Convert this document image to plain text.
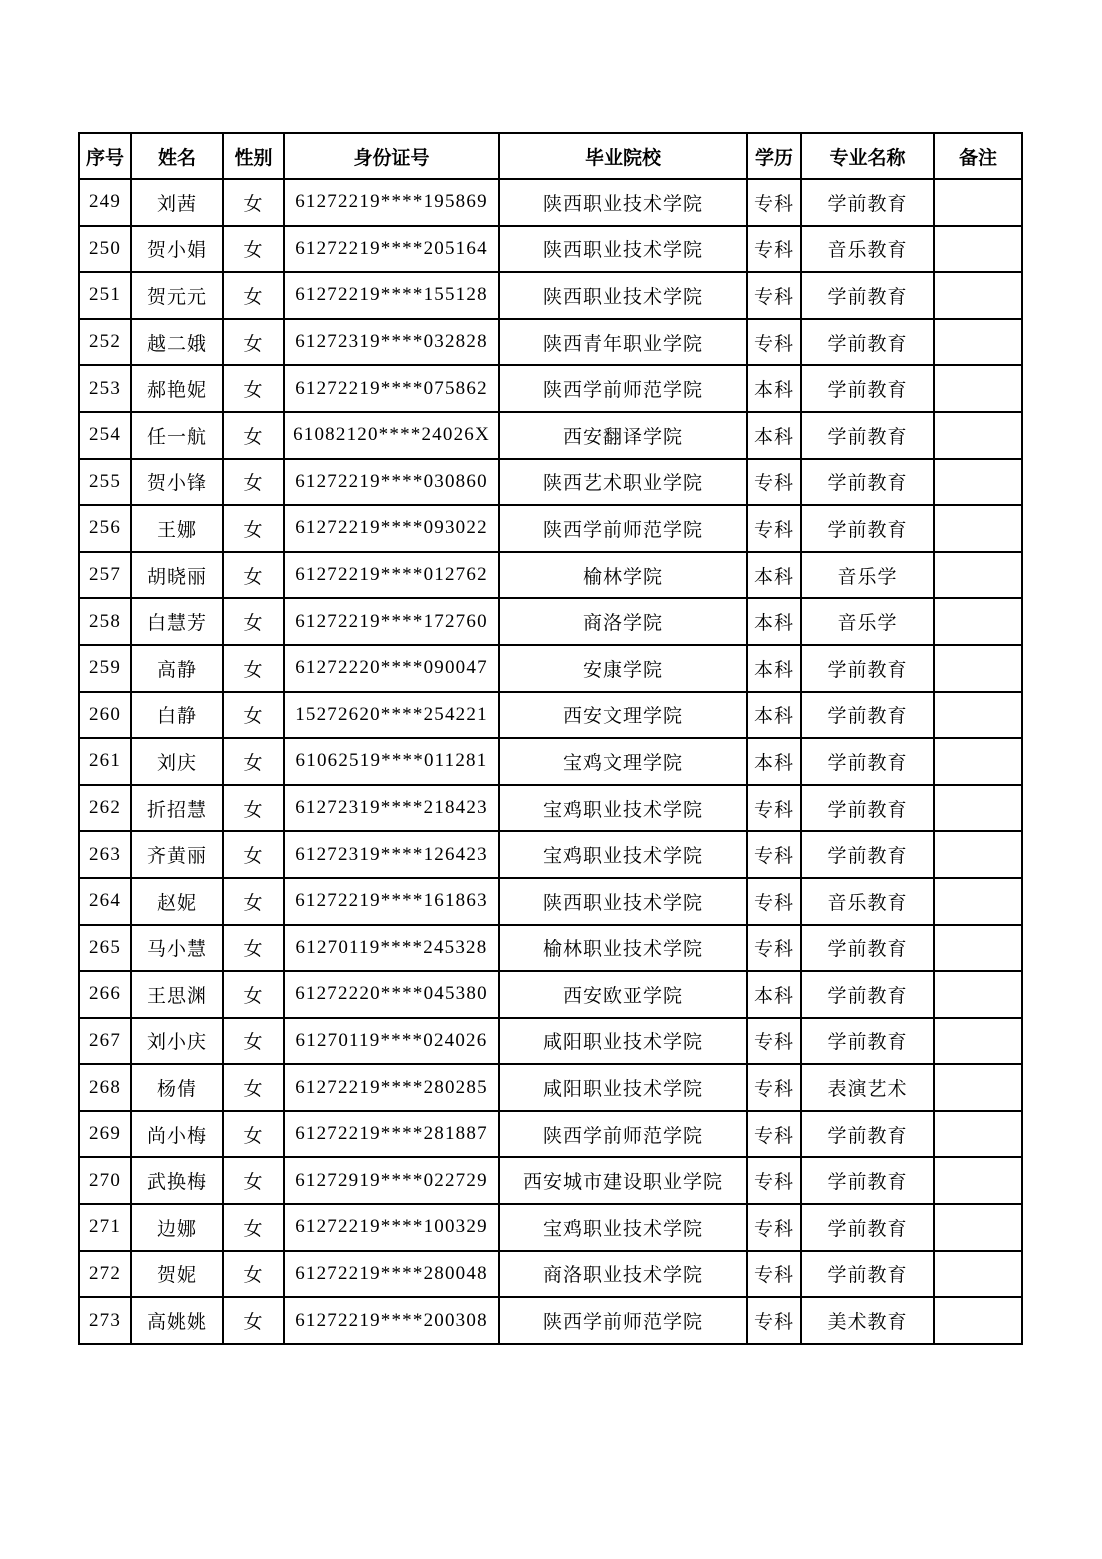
序号	姓名	性别	身份证号	毕业院校	学历	专业名称	备注
249	刘茜	女	61272219****195869	陕西职业技术学院	专科	学前教育	
250	贺小娟	女	61272219****205164	陕西职业技术学院	专科	音乐教育	
251	贺元元	女	61272219****155128	陕西职业技术学院	专科	学前教育	
252	越二娥	女	61272319****032828	陕西青年职业学院	专科	学前教育	
253	郝艳妮	女	61272219****075862	陕西学前师范学院	本科	学前教育	
254	任一航	女	61082120****24026X	西安翻译学院	本科	学前教育	
255	贺小锋	女	61272219****030860	陕西艺术职业学院	专科	学前教育	
256	王娜	女	61272219****093022	陕西学前师范学院	专科	学前教育	
257	胡晓丽	女	61272219****012762	榆林学院	本科	音乐学	
258	白慧芳	女	61272219****172760	商洛学院	本科	音乐学	
259	高静	女	61272220****090047	安康学院	本科	学前教育	
260	白静	女	15272620****254221	西安文理学院	本科	学前教育	
261	刘庆	女	61062519****011281	宝鸡文理学院	本科	学前教育	
262	折招慧	女	61272319****218423	宝鸡职业技术学院	专科	学前教育	
263	齐黄丽	女	61272319****126423	宝鸡职业技术学院	专科	学前教育	
264	赵妮	女	61272219****161863	陕西职业技术学院	专科	音乐教育	
265	马小慧	女	61270119****245328	榆林职业技术学院	专科	学前教育	
266	王思渊	女	61272220****045380	西安欧亚学院	本科	学前教育	
267	刘小庆	女	61270119****024026	咸阳职业技术学院	专科	学前教育	
268	杨倩	女	61272219****280285	咸阳职业技术学院	专科	表演艺术	
269	尚小梅	女	61272219****281887	陕西学前师范学院	专科	学前教育	
270	武换梅	女	61272919****022729	西安城市建设职业学院	专科	学前教育	
271	边娜	女	61272219****100329	宝鸡职业技术学院	专科	学前教育	
272	贺妮	女	61272219****280048	商洛职业技术学院	专科	学前教育	
273	高姚姚	女	61272219****200308	陕西学前师范学院	专科	美术教育	
